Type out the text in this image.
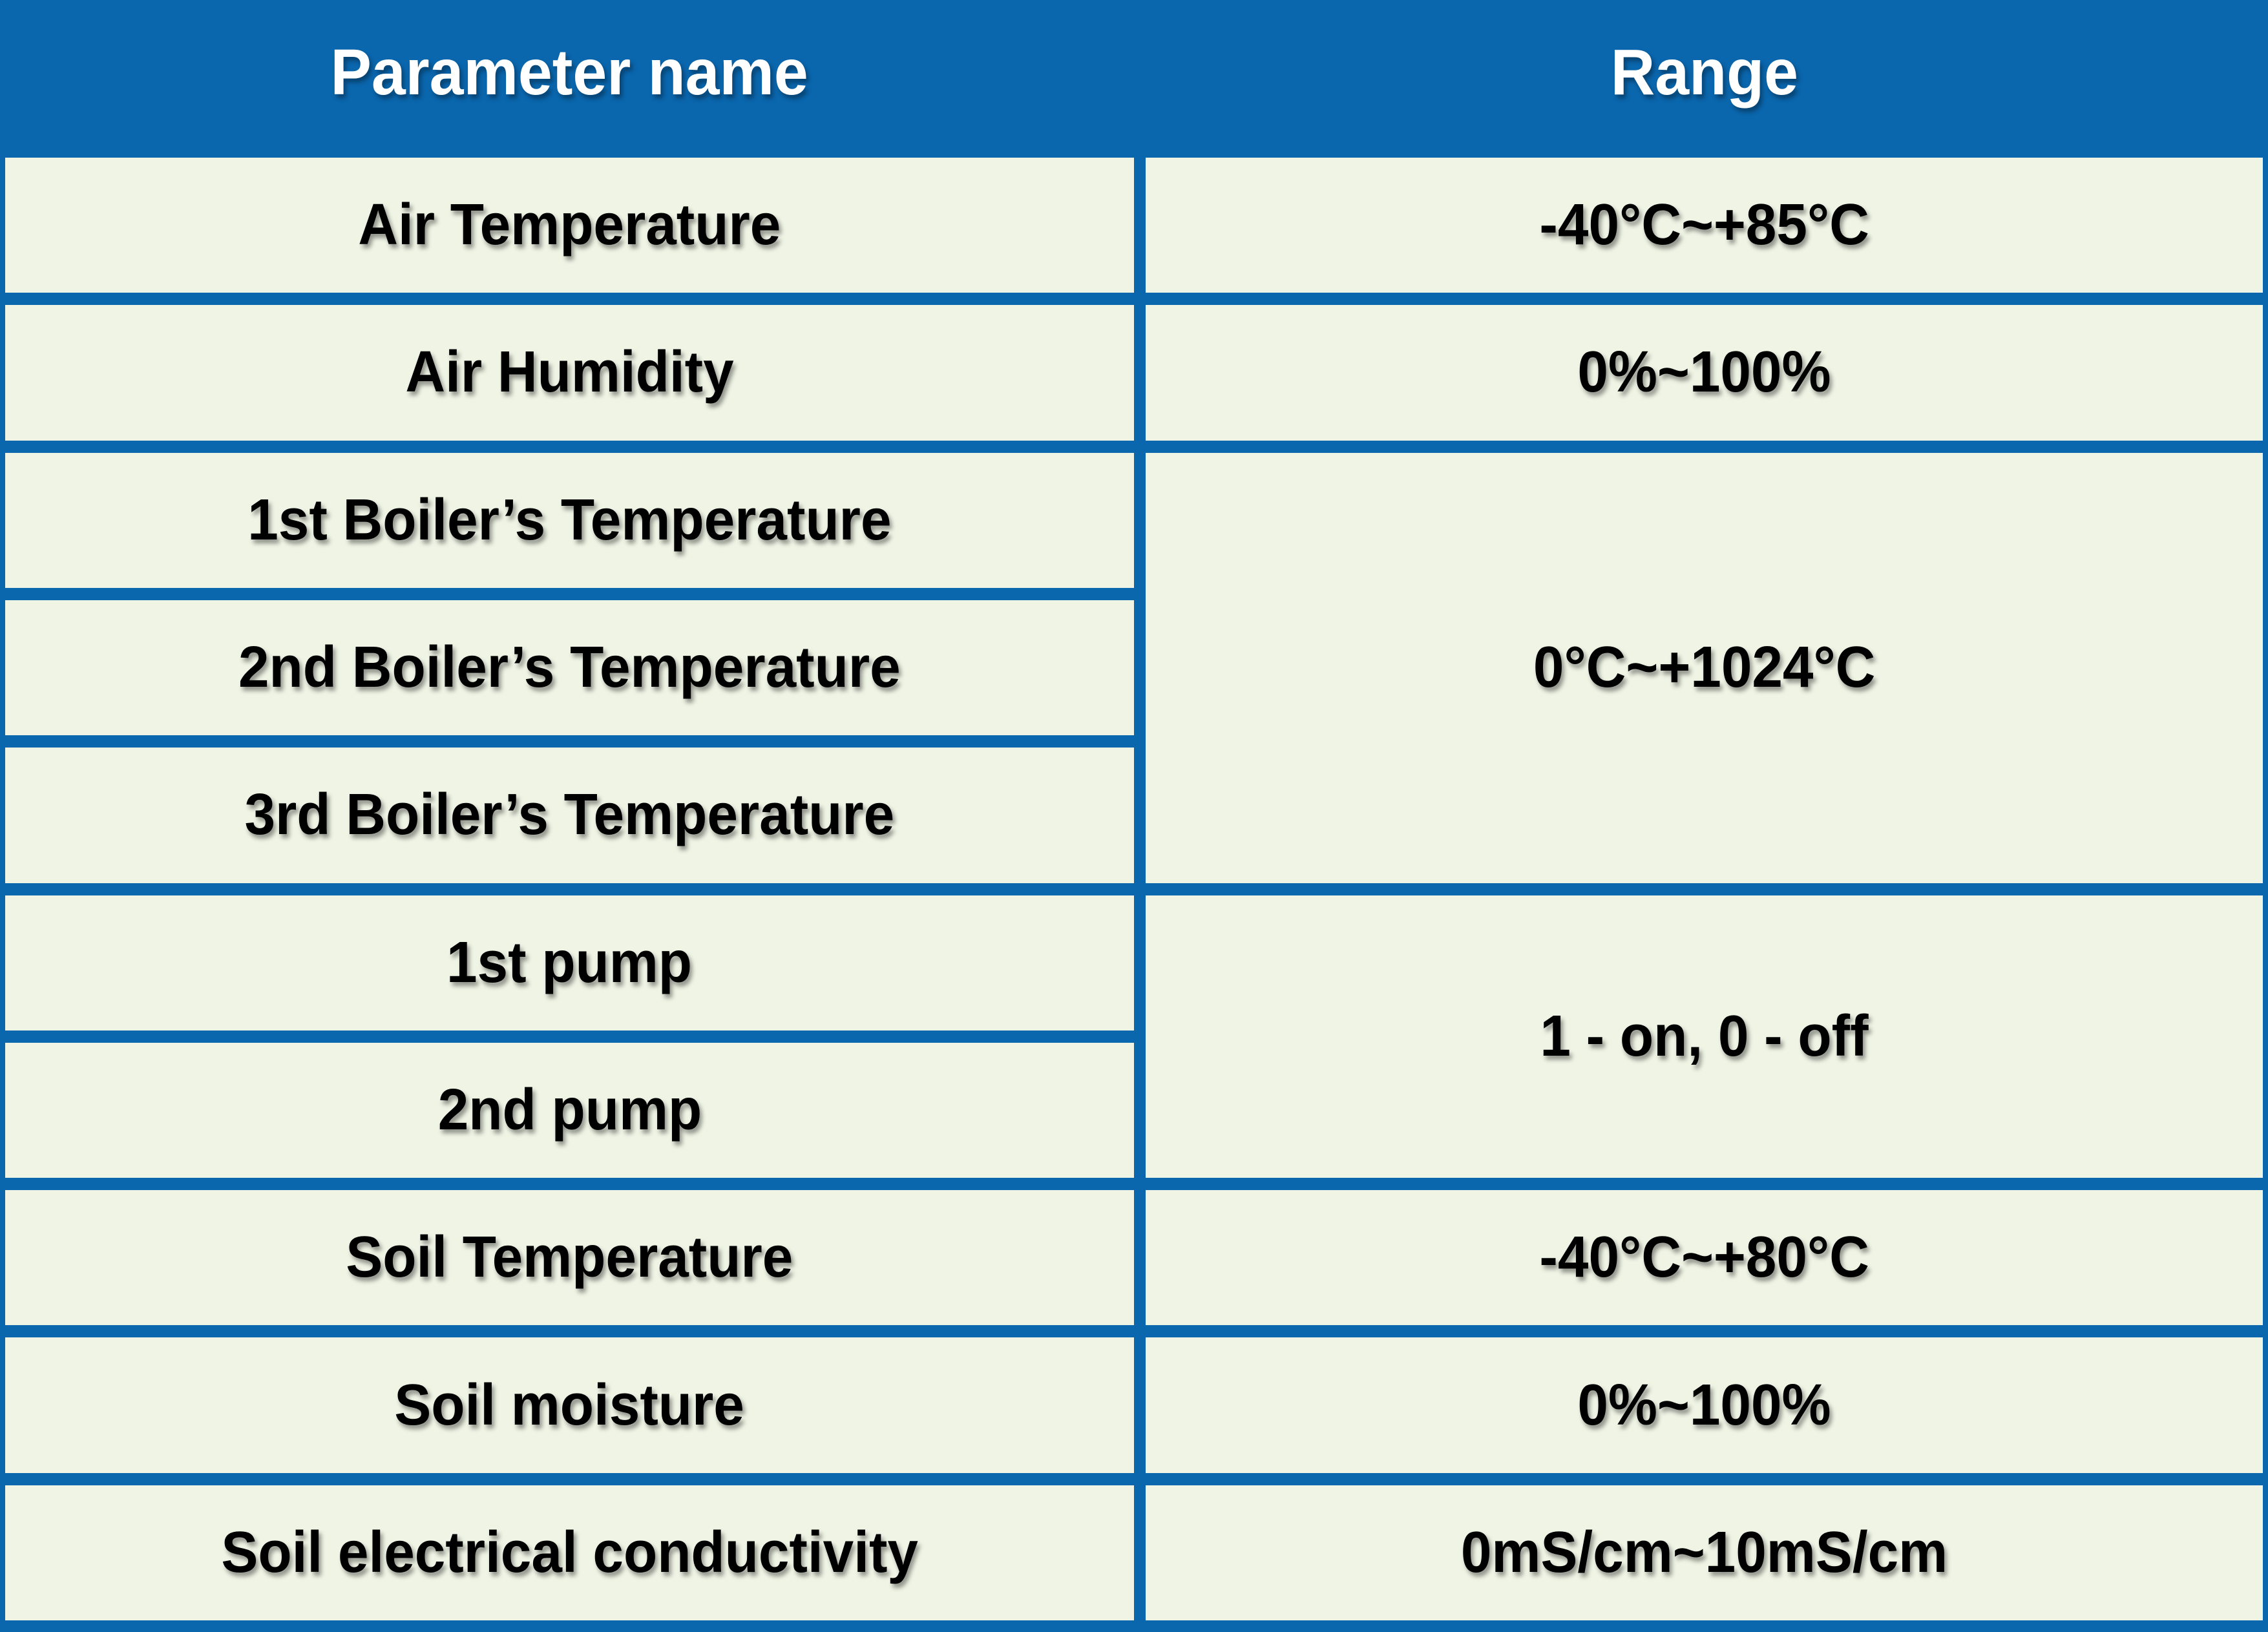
Parameter name	Range
Air Temperature
Air Humidity
1st Boiler’s Temperature
2nd Boiler’s Temperature
3rd Boiler’s Temperature
1st pump
2nd pump
Soil Temperature
Soil moisture
Soil electrical conductivity
-40°C~+85°C
0%~100%
0°C~+1024°C
1 - on, 0 - off
-40°C~+80°C
0%~100%
0mS/cm~10mS/cm
